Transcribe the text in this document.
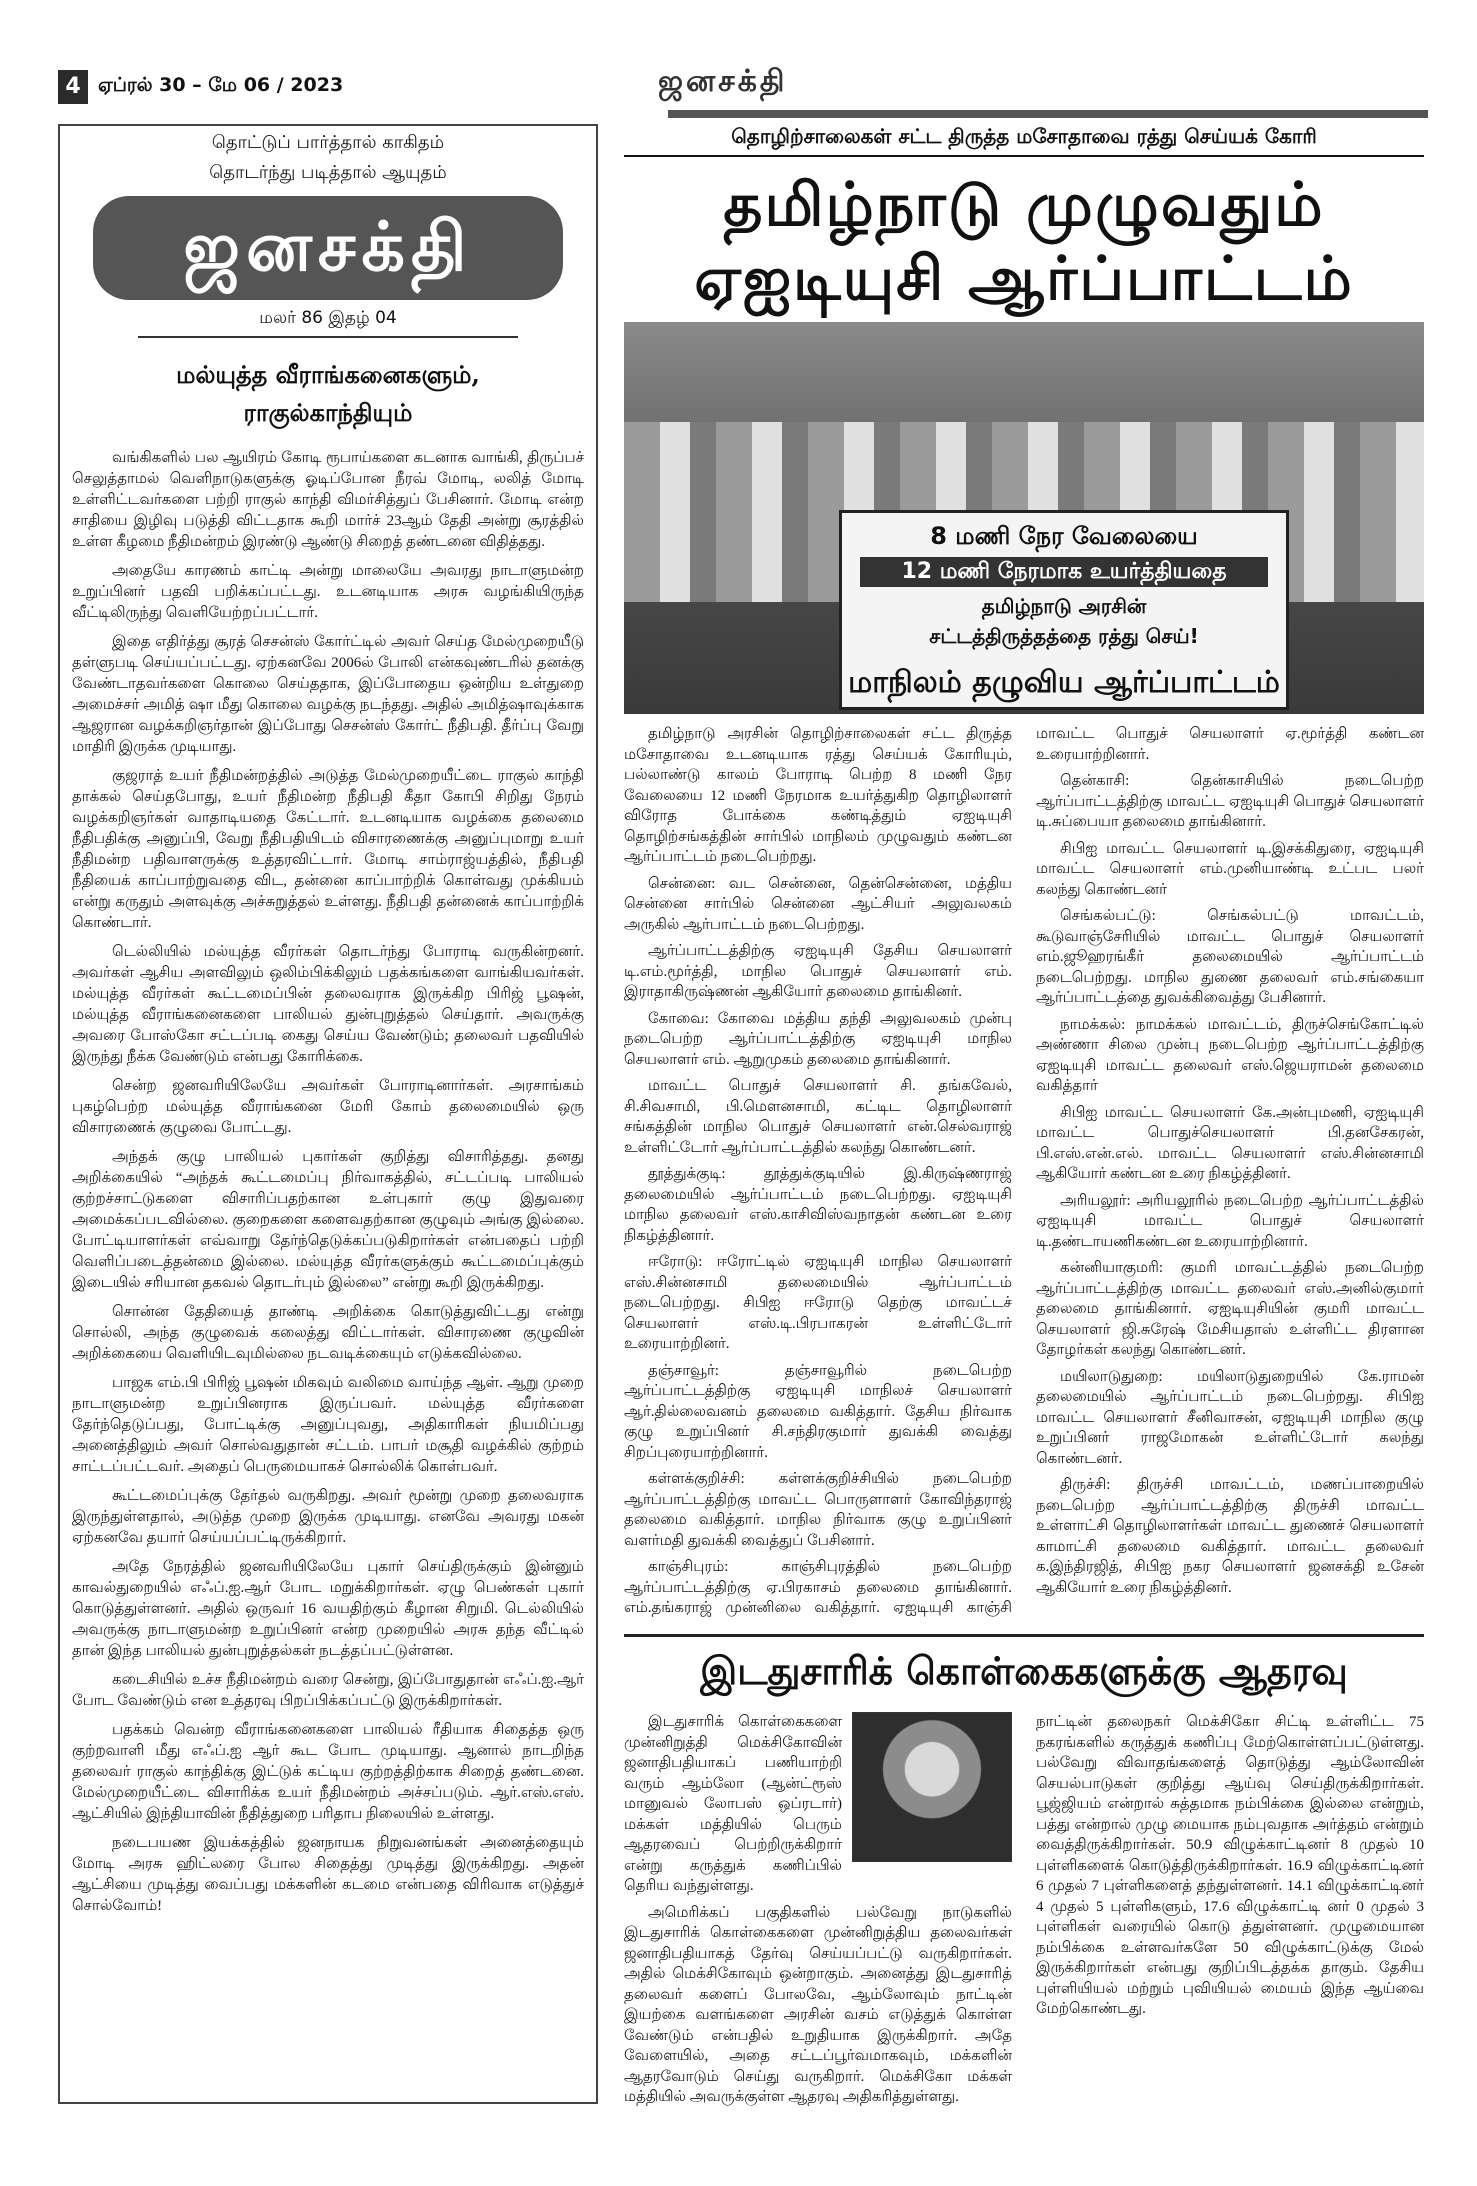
4 ஏப்ரல் 30 – மே 06 / 2023	ஜனசக்தி
தொட்டுப் பார்த்தால் காகிதம்
தொடர்ந்து படித்தால் ஆயுதம்
ஜனசக்தி
மலர் 86 இதழ் 04
மல்யுத்த வீராங்கனைகளும்,
ராகுல்காந்தியும்

வங்கிகளில் பல ஆயிரம் கோடி ரூபாய்களை கடனாக வாங்கி, திருப்பச் செலுத்தாமல் வெளிநாடுகளுக்கு ஓடிப்போன நீரவ் மோடி, லலித் மோடி உள்ளிட்டவர்களை பற்றி ராகுல் காந்தி விமர்சித்துப் பேசினார். மோடி என்ற சாதியை இழிவு படுத்தி விட்டதாக கூறி மார்ச் 23ஆம் தேதி அன்று சூரத்தில் உள்ள கீழமை நீதிமன்றம் இரண்டு ஆண்டு சிறைத் தண்டனை விதித்தது.

அதையே காரணம் காட்டி அன்று மாலையே அவரது நாடாளுமன்ற உறுப்பினர் பதவி பறிக்கப்பட்டது. உடனடியாக அரசு வழங்கியிருந்த வீட்டிலிருந்து வெளியேற்றப்பட்டார்.

இதை எதிர்த்து சூரத் செசன்ஸ் கோர்ட்டில் அவர் செய்த மேல்முறையீடு தள்ளுபடி செய்யப்பட்டது. ஏற்கனவே 2006ல் போலி என்கவுண்டரில் தனக்கு வேண்டாதவர்களை கொலை செய்ததாக, இப்போதைய ஒன்றிய உள்துறை அமைச்சர் அமித் ஷா மீது கொலை வழக்கு நடந்தது. அதில் அமித்ஷாவுக்காக ஆஜரான வழக்கறிஞர்தான் இப்போது செசன்ஸ் கோர்ட் நீதிபதி. தீர்ப்பு வேறு மாதிரி இருக்க முடியாது.

குஜராத் உயர் நீதிமன்றத்தில் அடுத்த மேல்முறையீட்டை ராகுல் காந்தி தாக்கல் செய்தபோது, உயர் நீதிமன்ற நீதிபதி கீதா கோபி சிறிது நேரம் வழக்கறிஞர்கள் வாதாடியதை கேட்டார். உடனடியாக வழக்கை தலைமை நீதிபதிக்கு அனுப்பி, வேறு நீதிபதியிடம் விசாரணைக்கு அனுப்புமாறு உயர் நீதிமன்ற பதிவாளருக்கு உத்தரவிட்டார். மோடி சாம்ராஜ்யத்தில், நீதிபதி நீதியைக் காப்பாற்றுவதை விட, தன்னை காப்பாற்றிக் கொள்வது முக்கியம் என்று கருதும் அளவுக்கு அச்சுறுத்தல் உள்ளது. நீதிபதி தன்னைக் காப்பாற்றிக் கொண்டார்.

டெல்லியில் மல்யுத்த வீரர்கள் தொடர்ந்து போராடி வருகின்றனர். அவர்கள் ஆசிய அளவிலும் ஒலிம்பிக்கிலும் பதக்கங்களை வாங்கியவர்கள். மல்யுத்த வீரர்கள் கூட்டமைப்பின் தலைவராக இருக்கிற பிரிஜ் பூஷன், மல்யுத்த வீராங்கனைகளை பாலியல் துன்புறுத்தல் செய்தார். அவருக்கு அவரை போஸ்கோ சட்டப்படி கைது செய்ய வேண்டும்; தலைவர் பதவியில் இருந்து நீக்க வேண்டும் என்பது கோரிக்கை.

சென்ற ஜனவரியிலேயே அவர்கள் போராடினார்கள். அரசாங்கம் புகழ்பெற்ற மல்யுத்த வீராங்கனை மேரி கோம் தலைமையில் ஒரு விசாரணைக் குழுவை போட்டது.

அந்தக் குழு பாலியல் புகார்கள் குறித்து விசாரித்தது. தனது அறிக்கையில் “அந்தக் கூட்டமைப்பு நிர்வாகத்தில், சட்டப்படி பாலியல் குற்றச்சாட்டுகளை விசாரிப்பதற்கான உள்புகார் குழு இதுவரை அமைக்கப்படவில்லை. குறைகளை களைவதற்கான குழுவும் அங்கு இல்லை. போட்டியாளர்கள் எவ்வாறு தேர்ந்தெடுக்கப்படுகிறார்கள் என்பதைப் பற்றி வெளிப்படைத்தன்மை இல்லை. மல்யுத்த வீரர்களுக்கும் கூட்டமைப்புக்கும் இடையில் சரியான தகவல் தொடர்பும் இல்லை” என்று கூறி இருக்கிறது.

சொன்ன தேதியைத் தாண்டி அறிக்கை கொடுத்துவிட்டது என்று சொல்லி, அந்த குழுவைக் கலைத்து விட்டார்கள். விசாரணை குழுவின் அறிக்கையை வெளியிடவுமில்லை நடவடிக்கையும் எடுக்கவில்லை.

பாஜக எம்.பி பிரிஜ் பூஷன் மிகவும் வலிமை வாய்ந்த ஆள். ஆறு முறை நாடாளுமன்ற உறுப்பினராக இருப்பவர். மல்யுத்த வீரர்களை தேர்ந்தெடுப்பது, போட்டிக்கு அனுப்புவது, அதிகாரிகள் நியமிப்பது அனைத்திலும் அவர் சொல்வதுதான் சட்டம். பாபர் மசூதி வழக்கில் குற்றம் சாட்டப்பட்டவர். அதைப் பெருமையாகச் சொல்லிக் கொள்பவர்.

கூட்டமைப்புக்கு தேர்தல் வருகிறது. அவர் மூன்று முறை தலைவராக இருந்துள்ளதால், அடுத்த முறை இருக்க முடியாது. எனவே அவரது மகன் ஏற்கனவே தயார் செய்யப்பட்டிருக்கிறார்.

அதே நேரத்தில் ஜனவரியிலேயே புகார் செய்திருக்கும் இன்னும் காவல்துறையில் எஃப்.ஐ.ஆர் போட மறுக்கிறார்கள். ஏழு பெண்கள் புகார் கொடுத்துள்ளனர். அதில் ஒருவர் 16 வயதிற்கும் கீழான சிறுமி. டெல்லியில் அவருக்கு நாடாளுமன்ற உறுப்பினர் என்ற முறையில் அரசு தந்த வீட்டில் தான் இந்த பாலியல் துன்புறுத்தல்கள் நடத்தப்பட்டுள்ளன.

கடைசியில் உச்ச நீதிமன்றம் வரை சென்று, இப்போதுதான் எஃப்.ஐ.ஆர் போட வேண்டும் என உத்தரவு பிறப்பிக்கப்பட்டு இருக்கிறார்கள்.

பதக்கம் வென்ற வீராங்கனைகளை பாலியல் ரீதியாக சிதைத்த ஒரு குற்றவாளி மீது எஃப்.ஐ ஆர் கூட போட முடியாது. ஆனால் நாடறிந்த தலைவர் ராகுல் காந்திக்கு இட்டுக் கட்டிய குற்றத்திற்காக சிறைத் தண்டனை. மேல்முறையீட்டை விசாரிக்க உயர் நீதிமன்றம் அச்சப்படும். ஆர்.எஸ்.எஸ். ஆட்சியில் இந்தியாவின் நீதித்துறை பரிதாப நிலையில் உள்ளது.

நடைபயண இயக்கத்தில் ஜனநாயக நிறுவனங்கள் அனைத்தையும் மோடி அரசு ஹிட்லரை போல சிதைத்து முடித்து இருக்கிறது. அதன் ஆட்சியை முடித்து வைப்பது மக்களின் கடமை என்பதை விரிவாக எடுத்துச் சொல்வோம்!

தொழிற்சாலைகள் சட்ட திருத்த மசோதாவை ரத்து செய்யக் கோரி
தமிழ்நாடு முழுவதும்
ஏஐடியுசி ஆர்ப்பாட்டம்
8 மணி நேர வேலையை
12 மணி நேரமாக உயர்த்தியதை
தமிழ்நாடு அரசின்
சட்டத்திருத்தத்தை ரத்து செய்!
மாநிலம் தழுவிய ஆர்ப்பாட்டம்

தமிழ்நாடு அரசின் தொழிற்சாலைகள் சட்ட திருத்த மசோதாவை உடனடியாக ரத்து செய்யக் கோரியும், பல்லாண்டு காலம் போராடி பெற்ற 8 மணி நேர வேலையை 12 மணி நேரமாக உயர்த்துகிற தொழிலாளர் விரோத போக்கை கண்டித்தும் ஏஐடியுசி தொழிற்சங்கத்தின் சார்பில் மாநிலம் முழுவதும் கண்டன ஆர்ப்பாட்டம் நடைபெற்றது.

சென்னை: வட சென்னை, தென்சென்னை, மத்திய சென்னை சார்பில் சென்னை ஆட்சியர் அலுவலகம் அருகில் ஆர்பாட்டம் நடைபெற்றது.

ஆர்ப்பாட்டத்திற்கு ஏஐடியுசி தேசிய செயலாளர் டி.எம்.மூர்த்தி, மாநில பொதுச் செயலாளர் எம். இராதாகிருஷ்ணன் ஆகியோர் தலைமை தாங்கினர்.

கோவை: கோவை மத்திய தந்தி அலுவலகம் முன்பு நடைபெற்ற ஆர்ப்பாட்டத்திற்கு ஏஐடியுசி மாநில செயலாளர் எம். ஆறுமுகம் தலைமை தாங்கினார்.

மாவட்ட பொதுச் செயலாளர் சி. தங்கவேல், சி.சிவசாமி, பி.மௌனசாமி, கட்டிட தொழிலாளர் சங்கத்தின் மாநில பொதுச் செயலாளர் என்.செல்வராஜ் உள்ளிட்டோர் ஆர்ப்பாட்டத்தில் கலந்து கொண்டனர்.

தூத்துக்குடி: தூத்துக்குடியில் இ.கிருஷ்ணராஜ் தலைமையில் ஆர்ப்பாட்டம் நடைபெற்றது. ஏஐடியுசி மாநில தலைவர் எஸ்.காசிவிஸ்வநாதன் கண்டன உரை நிகழ்த்தினார்.

ஈரோடு: ஈரோட்டில் ஏஐடியுசி மாநில செயலாளர் எஸ்.சின்னசாமி தலைமையில் ஆர்ப்பாட்டம் நடைபெற்றது. சிபிஐ ஈரோடு தெற்கு மாவட்டச் செயலாளர் எஸ்.டி.பிரபாகரன் உள்ளிட்டோர் உரையாற்றினர்.

தஞ்சாவூர்: தஞ்சாவூரில் நடைபெற்ற ஆர்ப்பாட்டத்திற்கு ஏஐடியுசி மாநிலச் செயலாளர் ஆர்.தில்லைவனம் தலைமை வகித்தார். தேசிய நிர்வாக குழு உறுப்பினர் சி.சந்திரகுமார் துவக்கி வைத்து சிறப்புரையாற்றினார்.

கள்ளக்குறிச்சி: கள்ளக்குறிச்சியில் நடைபெற்ற ஆர்ப்பாட்டத்திற்கு மாவட்ட பொருளாளர் கோவிந்தராஜ் தலைமை வகித்தார். மாநில நிர்வாக குழு உறுப்பினர் வளர்மதி துவக்கி வைத்துப் பேசினார்.

காஞ்சிபுரம்: காஞ்சிபுரத்தில் நடைபெற்ற ஆர்ப்பாட்டத்திற்கு ஏ.பிரகாசம் தலைமை தாங்கினார். எம்.தங்கராஜ் முன்னிலை வகித்தார். ஏஐடியுசி காஞ்சி மாவட்ட பொதுச் செயலாளர் ஏ.மூர்த்தி கண்டன உரையாற்றினார்.

தென்காசி: தென்காசியில் நடைபெற்ற ஆர்ப்பாட்டத்திற்கு மாவட்ட ஏஐடியுசி பொதுச் செயலாளர் டி.சுப்பையா தலைமை தாங்கினார்.

சிபிஐ மாவட்ட செயலாளர் டி.இசக்கிதுரை, ஏஐடியுசி மாவட்ட செயலாளர் எம்.முனியாண்டி உட்பட பலர் கலந்து கொண்டனர்

செங்கல்பட்டு: செங்கல்பட்டு மாவட்டம், கூடுவாஞ்சேரியில் மாவட்ட பொதுச் செயலாளர் எம்.ஜூஹரங்கீர் தலைமையில் ஆர்ப்பாட்டம் நடைபெற்றது. மாநில துணை தலைவர் எம்.சங்கையா ஆர்ப்பாட்டத்தை துவக்கிவைத்து பேசினார்.

நாமக்கல்: நாமக்கல் மாவட்டம், திருச்செங்கோட்டில் அண்ணா சிலை முன்பு நடைபெற்ற ஆர்ப்பாட்டத்திற்கு ஏஐடியுசி மாவட்ட தலைவர் எஸ்.ஜெயராமன் தலைமை வகித்தார்

சிபிஐ மாவட்ட செயலாளர் கே.அன்புமணி, ஏஐடியுசி மாவட்ட பொதுச்செயலாளர் பி.தனசேகரன், பி.எஸ்.என்.எல். மாவட்ட செயலாளர் எஸ்.சின்னசாமி ஆகியோர் கண்டன உரை நிகழ்த்தினர்.

அரியலூர்: அரியலூரில் நடைபெற்ற ஆர்ப்பாட்டத்தில் ஏஐடியுசி மாவட்ட பொதுச் செயலாளர் டி.தண்டாயணிகண்டன உரையாற்றினார்.

கன்னியாகுமரி: குமரி மாவட்டத்தில் நடைபெற்ற ஆர்ப்பாட்டத்திற்கு மாவட்ட தலைவர் எஸ்.அனில்குமார் தலைமை தாங்கினார். ஏஐடியுசியின் குமரி மாவட்ட செயலாளர் ஜி.சுரேஷ் மேசியதாஸ் உள்ளிட்ட திரளான தோழர்கள் கலந்து கொண்டனர்.

மயிலாடுதுறை: மயிலாடுதுறையில் கே.ராமன் தலைமையில் ஆர்ப்பாட்டம் நடைபெற்றது. சிபிஐ மாவட்ட செயலாளர் சீனிவாசன், ஏஐடியுசி மாநில குழு உறுப்பினர் ராஜமோகன் உள்ளிட்டோர் கலந்து கொண்டனர்.

திருச்சி: திருச்சி மாவட்டம், மணப்பாறையில் நடைபெற்ற ஆர்ப்பாட்டத்திற்கு திருச்சி மாவட்ட உள்ளாட்சி தொழிலாளர்கள் மாவட்ட துணைச் செயலாளர் காமாட்சி தலைமை வகித்தார். மாவட்ட தலைவர் க.இந்திரஜித், சிபிஐ நகர செயலாளர் ஜனசக்தி உசேன் ஆகியோர் உரை நிகழ்த்தினர்.

இடதுசாரிக் கொள்கைகளுக்கு ஆதரவு

இடதுசாரிக் கொள்கைகளை முன்னிறுத்தி மெக்சிகோவின் ஜனாதிபதியாகப் பணியாற்றி வரும் ஆம்லோ (ஆன்ட்ரூஸ் மானுவல் லோபஸ் ஒப்ரடார்) மக்கள் மத்தியில் பெரும் ஆதரவைப் பெற்றிருக்கிறார் என்று கருத்துக் கணிப்பில் தெரிய வந்துள்ளது.

அமெரிக்கப் பகுதிகளில் பல்வேறு நாடுகளில் இடதுசாரிக் கொள்கைகளை முன்னிறுத்திய தலைவர்கள் ஜனாதிபதியாகத் தேர்வு செய்யப்பட்டு வருகிறார்கள். அதில் மெக்சிகோவும் ஒன்றாகும். அனைத்து இடதுசாரித் தலைவர் களைப் போலவே, ஆம்லோவும் நாட்டின் இயற்கை வளங்களை அரசின் வசம் எடுத்துக் கொள்ள வேண்டும் என்பதில் உறுதியாக இருக்கிறார். அதே வேளையில், அதை சட்டப்பூர்வமாகவும், மக்களின் ஆதரவோடும் செய்து வருகிறார். மெக்சிகோ மக்கள் மத்தியில் அவருக்குள்ள ஆதரவு அதிகரித்துள்ளது.

நாட்டின் தலைநகர் மெக்சிகோ சிட்டி உள்ளிட்ட 75 நகரங்களில் கருத்துக் கணிப்பு மேற்கொள்ளப்பட்டுள்ளது. பல்வேறு விவாதங்களைத் தொடுத்து ஆம்லோவின் செயல்பாடுகள் குறித்து ஆய்வு செய்திருக்கிறார்கள். பூஜ்ஜியம் என்றால் சுத்தமாக நம்பிக்கை இல்லை என்றும், பத்து என்றால் முழு மையாக நம்புவதாக அர்த்தம் என்றும் வைத்திருக்கிறார்கள். 50.9 விழுக்காட்டினர் 8 முதல் 10 புள்ளிகளைக் கொடுத்திருக்கிறார்கள். 16.9 விழுக்காட்டினர் 6 முதல் 7 புள்ளிகளைத் தந்துள்ளனர். 14.1 விழுக்காட்டினர் 4 முதல் 5 புள்ளிகளும், 17.6 விழுக்காட்டி னர் 0 முதல் 3 புள்ளிகள் வரையில் கொடு த்துள்ளனர். முழுமையான நம்பிக்கை உள்ளவர்களே 50 விழுக்காட்டுக்கு மேல் இருக்கிறார்கள் என்பது குறிப்பிடத்தக்க தாகும். தேசிய புள்ளியியல் மற்றும் புவியியல் மையம் இந்த ஆய்வை மேற்கொண்டது.
